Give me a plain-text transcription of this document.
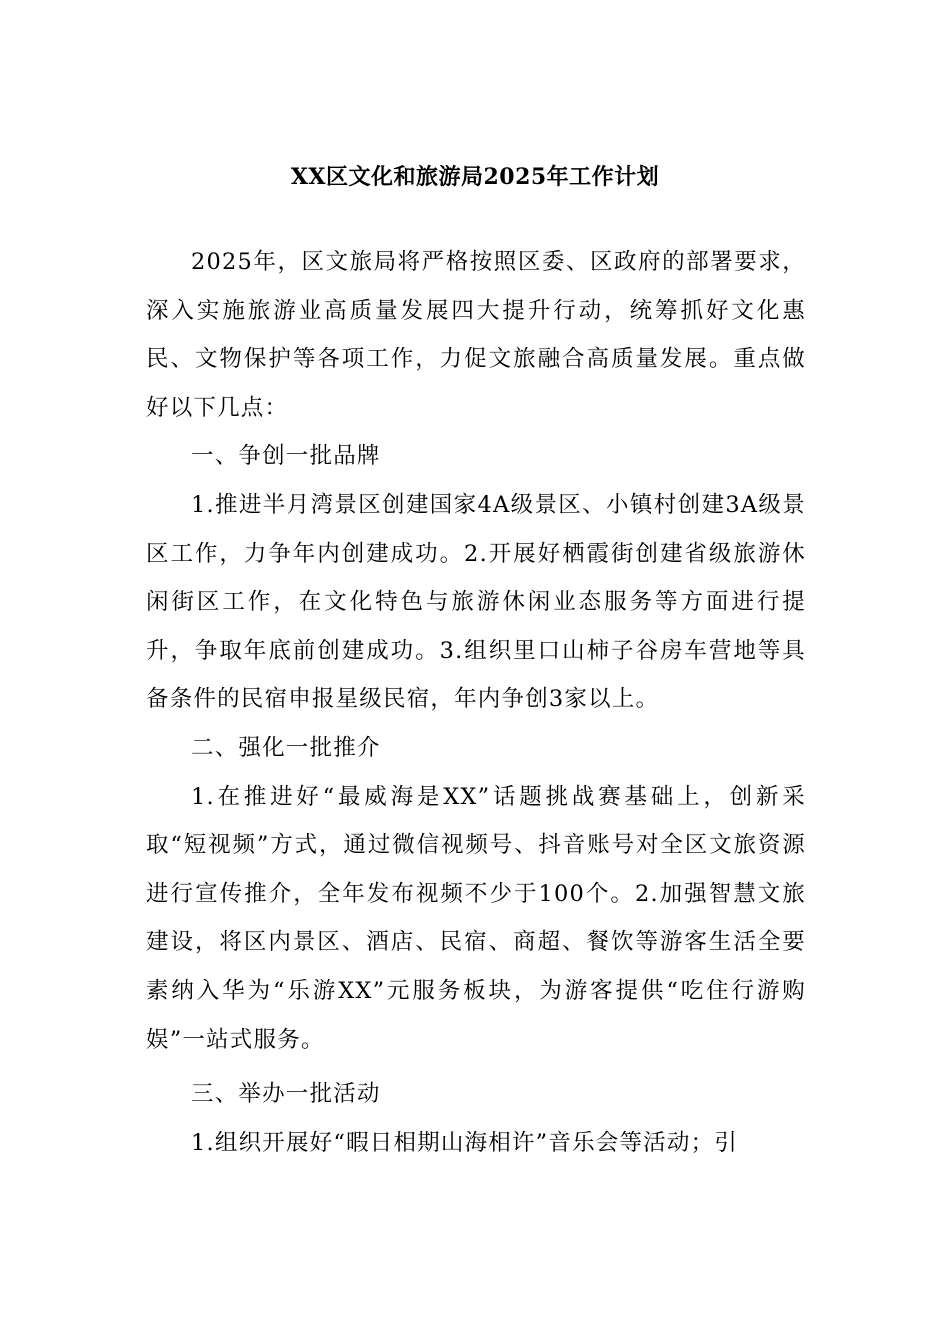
XX区文化和旅游局2025年工作计划

2025年，区文旅局将严格按照区委、区政府的部署要求，深入实施旅游业高质量发展四大提升行动，统筹抓好文化惠民、文物保护等各项工作，力促文旅融合高质量发展。重点做好以下几点：

一、争创一批品牌

1.推进半月湾景区创建国家4A级景区、小镇村创建3A级景区工作，力争年内创建成功。2.开展好栖霞街创建省级旅游休闲街区工作，在文化特色与旅游休闲业态服务等方面进行提升，争取年底前创建成功。3.组织里口山柿子谷房车营地等具备条件的民宿申报星级民宿，年内争创3家以上。

二、强化一批推介

1.在推进好“最威海是XX”话题挑战赛基础上，创新采取“短视频”方式，通过微信视频号、抖音账号对全区文旅资源进行宣传推介，全年发布视频不少于100个。2.加强智慧文旅建设，将区内景区、酒店、民宿、商超、餐饮等游客生活全要素纳入华为“乐游XX”元服务板块，为游客提供“吃住行游购娱”一站式服务。

三、举办一批活动

1.组织开展好“暇日相期山海相许”音乐会等活动；引
